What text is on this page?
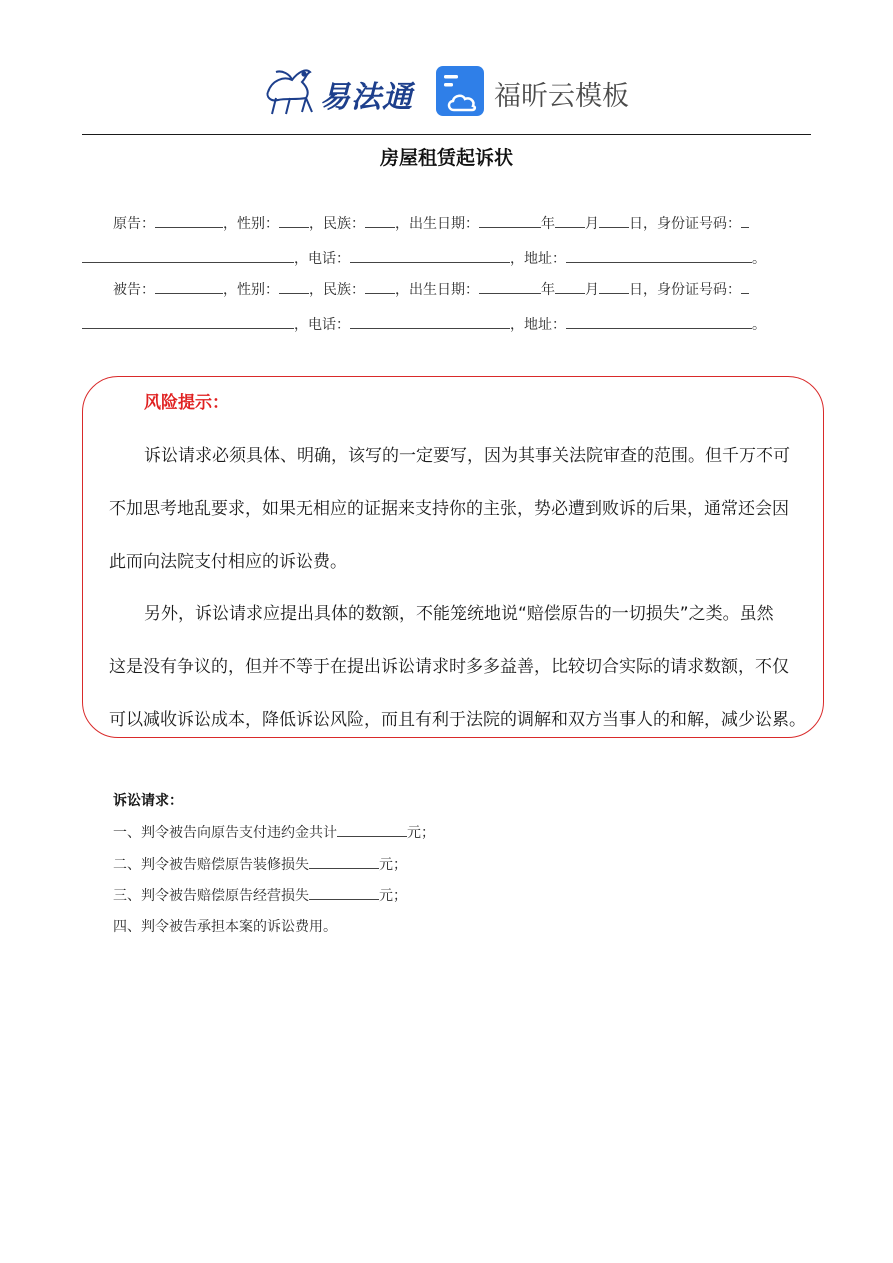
易法通	福昕云模板
房屋租赁起诉状
原告：	，性别： ，民族： ，出生日期：	年 月 日，身份证号码：
，电话：	，地址：	。
被告：	，性别： ，民族： ，出生日期：	年 月 日，身份证号码：
，电话：	，地址：	。
风险提示：
诉讼请求必须具体、明确，该写的一定要写，因为其事关法院审查的范围。但千万不可
不加思考地乱要求，如果无相应的证据来支持你的主张，势必遭到败诉的后果，通常还会因
此而向法院支付相应的诉讼费。
另外，诉讼请求应提出具体的数额，不能笼统地说“赔偿原告的一切损失”之类。虽然
这是没有争议的，但并不等于在提出诉讼请求时多多益善，比较切合实际的请求数额，不仅
可以减收诉讼成本，降低诉讼风险，而且有利于法院的调解和双方当事人的和解，减少讼累。
诉讼请求：
一、判令被告向原告支付违约金共计	元；
二、判令被告赔偿原告装修损失	元；
三、判令被告赔偿原告经营损失	元；
四、判令被告承担本案的诉讼费用。
